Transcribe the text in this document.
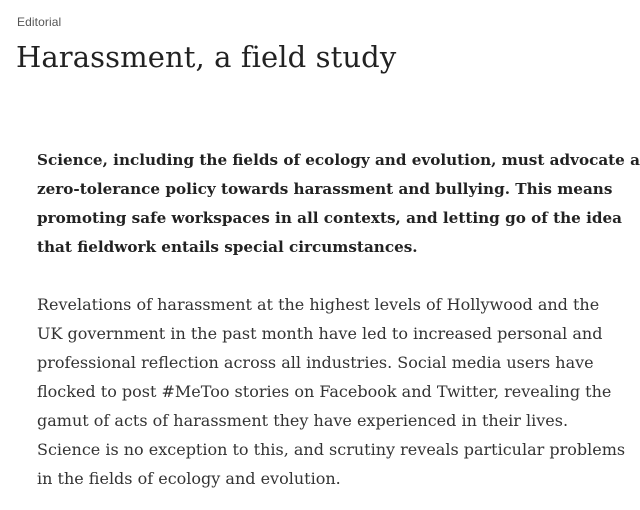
Editorial
Harassment, a field study

Science, including the fields of ecology and evolution, must advocate a
zero-tolerance policy towards harassment and bullying. This means
promoting safe workspaces in all contexts, and letting go of the idea
that fieldwork entails special circumstances.

Revelations of harassment at the highest levels of Hollywood and the
UK government in the past month have led to increased personal and
professional reflection across all industries. Social media users have
flocked to post #MeToo stories on Facebook and Twitter, revealing the
gamut of acts of harassment they have experienced in their lives.
Science is no exception to this, and scrutiny reveals particular problems
in the fields of ecology and evolution.
